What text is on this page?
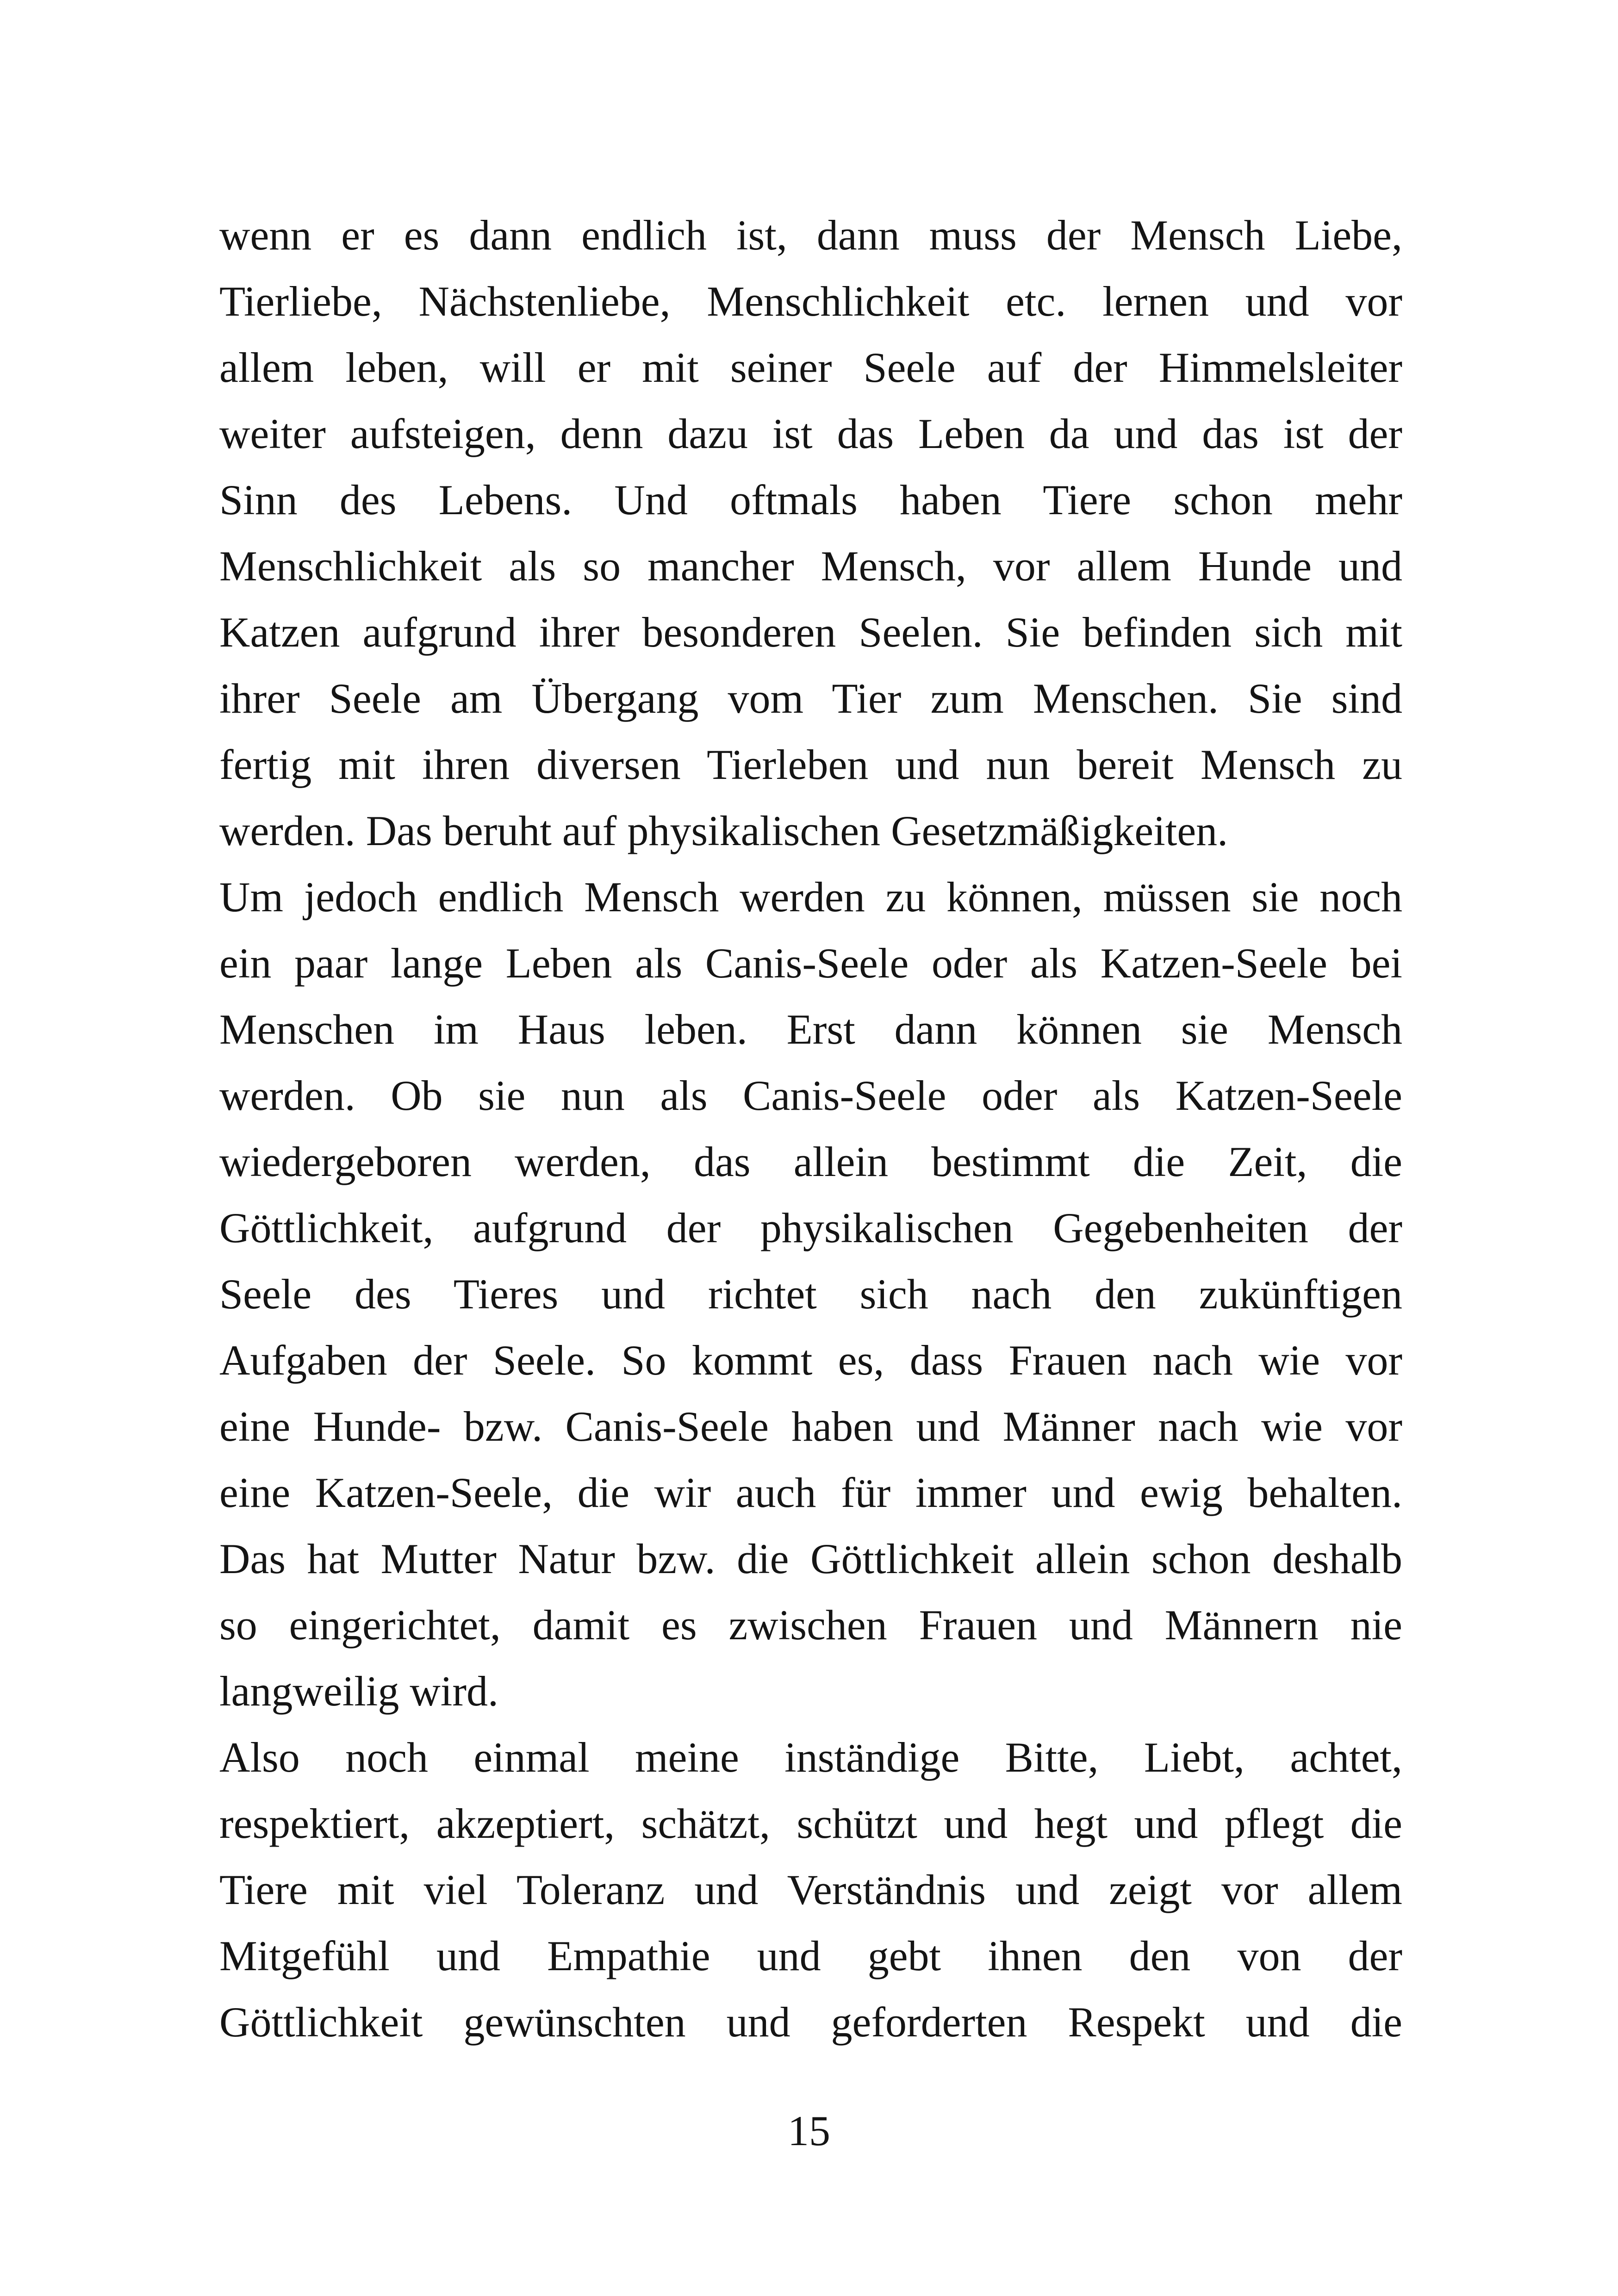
wenn er es dann endlich ist, dann muss der Mensch Liebe,
Tierliebe, Nächstenliebe, Menschlichkeit etc. lernen und vor
allem leben, will er mit seiner Seele auf der Himmelsleiter
weiter aufsteigen, denn dazu ist das Leben da und das ist der
Sinn des Lebens. Und oftmals haben Tiere schon mehr
Menschlichkeit als so mancher Mensch, vor allem Hunde und
Katzen aufgrund ihrer besonderen Seelen. Sie befinden sich mit
ihrer Seele am Übergang vom Tier zum Menschen. Sie sind
fertig mit ihren diversen Tierleben und nun bereit Mensch zu
werden. Das beruht auf physikalischen Gesetzmäßigkeiten.
Um jedoch endlich Mensch werden zu können, müssen sie noch
ein paar lange Leben als Canis-Seele oder als Katzen-Seele bei
Menschen im Haus leben. Erst dann können sie Mensch
werden. Ob sie nun als Canis-Seele oder als Katzen-Seele
wiedergeboren werden, das allein bestimmt die Zeit, die
Göttlichkeit, aufgrund der physikalischen Gegebenheiten der
Seele des Tieres und richtet sich nach den zukünftigen
Aufgaben der Seele. So kommt es, dass Frauen nach wie vor
eine Hunde- bzw. Canis-Seele haben und Männer nach wie vor
eine Katzen-Seele, die wir auch für immer und ewig behalten.
Das hat Mutter Natur bzw. die Göttlichkeit allein schon deshalb
so eingerichtet, damit es zwischen Frauen und Männern nie
langweilig wird.
Also noch einmal meine inständige Bitte, Liebt, achtet,
respektiert, akzeptiert, schätzt, schützt und hegt und pflegt die
Tiere mit viel Toleranz und Verständnis und zeigt vor allem
Mitgefühl und Empathie und gebt ihnen den von der
Göttlichkeit gewünschten und geforderten Respekt und die
15
